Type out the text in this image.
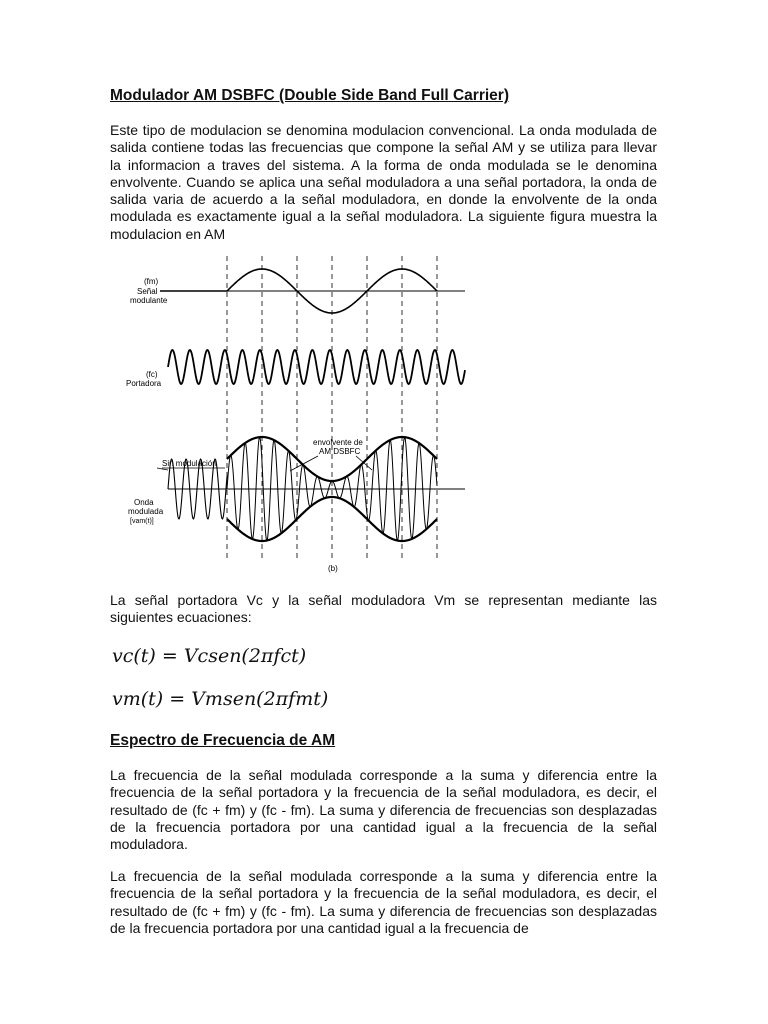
Modulador AM DSBFC (Double Side Band Full Carrier)

Este tipo de modulacion se denomina modulacion convencional. La onda modulada de salida contiene todas las frecuencias que compone la señal AM y se utiliza para llevar la informacion a traves del sistema. A la forma de onda modulada se le denomina envolvente. Cuando se aplica una señal moduladora a una señal portadora, la onda de salida varia de acuerdo a la señal moduladora, en donde la envolvente de la onda modulada es exactamente igual a la señal moduladora. La siguiente figura muestra la modulacion en AM

(fm)
Señal
modulante
(fc)
Portadora
Sin modulación
envolvente de
AM DSBFC
Onda
modulada
[vam(t)]
(b)

La señal portadora Vc y la señal moduladora Vm se representan mediante las siguientes ecuaciones:

vc(t) = Vcsen(2πfct)
vm(t) = Vmsen(2πfmt)
Espectro de Frecuencia de AM

La frecuencia de la señal modulada corresponde a la suma y diferencia entre la frecuencia de la señal portadora y la frecuencia de la señal moduladora, es decir, el resultado de (fc + fm) y (fc - fm). La suma y diferencia de frecuencias son desplazadas de la frecuencia portadora por una cantidad igual a la frecuencia de la señal moduladora.

La frecuencia de la señal modulada corresponde a la suma y diferencia entre la frecuencia de la señal portadora y la frecuencia de la señal moduladora, es decir, el resultado de (fc + fm) y (fc - fm). La suma y diferencia de frecuencias son desplazadas de la frecuencia portadora por una cantidad igual a la frecuencia de
